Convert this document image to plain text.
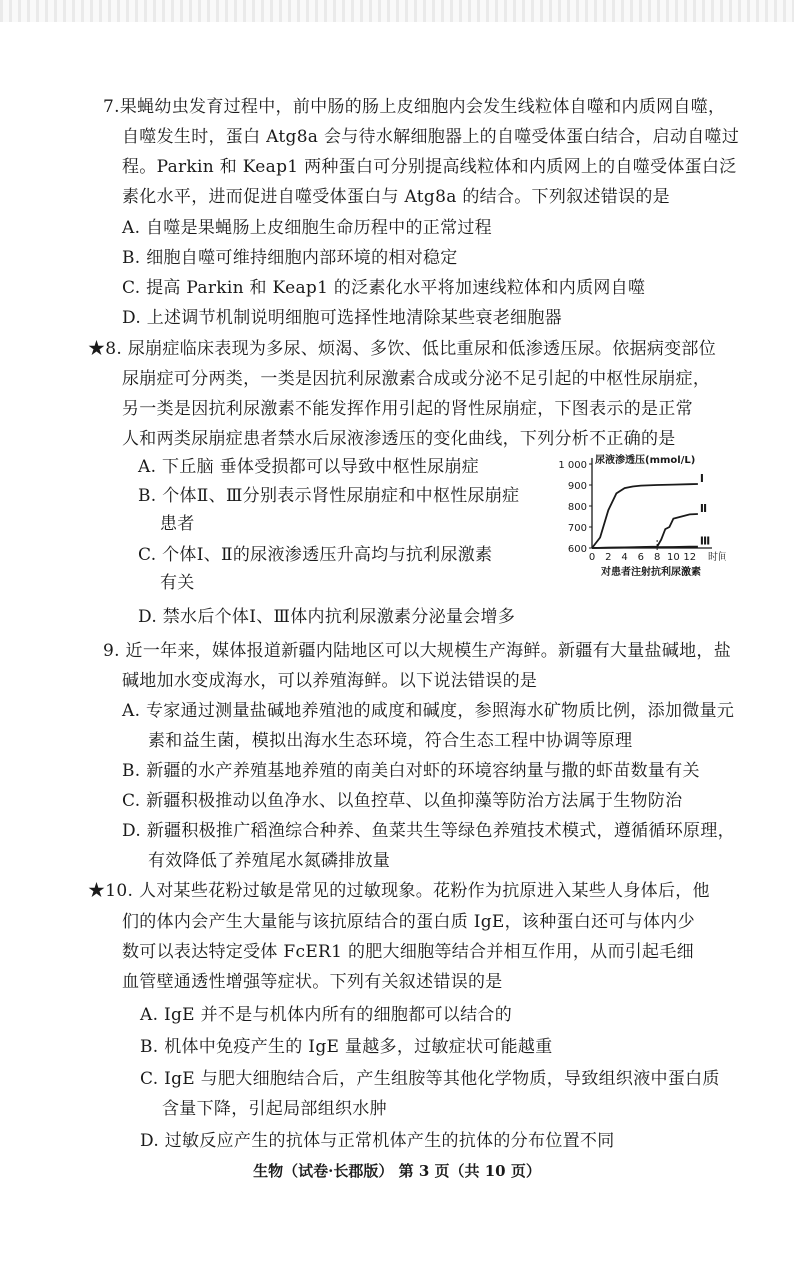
7.果蝇幼虫发育过程中，前中肠的肠上皮细胞内会发生线粒体自噬和内质网自噬，
自噬发生时，蛋白 Atg8a 会与待水解细胞器上的自噬受体蛋白结合，启动自噬过
程。Parkin 和 Keap1 两种蛋白可分别提高线粒体和内质网上的自噬受体蛋白泛
素化水平，进而促进自噬受体蛋白与 Atg8a 的结合。下列叙述错误的是
A. 自噬是果蝇肠上皮细胞生命历程中的正常过程
B. 细胞自噬可维持细胞内部环境的相对稳定
C. 提高 Parkin 和 Keap1 的泛素化水平将加速线粒体和内质网自噬
D. 上述调节机制说明细胞可选择性地清除某些衰老细胞器
★8. 尿崩症临床表现为多尿、烦渴、多饮、低比重尿和低渗透压尿。依据病变部位
尿崩症可分两类，一类是因抗利尿激素合成或分泌不足引起的中枢性尿崩症，
另一类是因抗利尿激素不能发挥作用引起的肾性尿崩症，下图表示的是正常
人和两类尿崩症患者禁水后尿液渗透压的变化曲线，下列分析不正确的是
A. 下丘脑 垂体受损都可以导致中枢性尿崩症
B. 个体Ⅱ、Ⅲ分别表示肾性尿崩症和中枢性尿崩症
患者
C. 个体Ⅰ、Ⅱ的尿液渗透压升高均与抗利尿激素
有关
D. 禁水后个体Ⅰ、Ⅲ体内抗利尿激素分泌量会增多
1 000
900
800
700
600
0 2 4 6 8 10 12
尿液渗透压(mmol/L)
时间
对患者注射抗利尿激素
Ⅰ
Ⅱ
Ⅲ
9. 近一年来，媒体报道新疆内陆地区可以大规模生产海鲜。新疆有大量盐碱地，盐
碱地加水变成海水，可以养殖海鲜。以下说法错误的是
A. 专家通过测量盐碱地养殖池的咸度和碱度，参照海水矿物质比例，添加微量元
素和益生菌，模拟出海水生态环境，符合生态工程中协调等原理
B. 新疆的水产养殖基地养殖的南美白对虾的环境容纳量与撒的虾苗数量有关
C. 新疆积极推动以鱼净水、以鱼控草、以鱼抑藻等防治方法属于生物防治
D. 新疆积极推广稻渔综合种养、鱼菜共生等绿色养殖技术模式，遵循循环原理，
有效降低了养殖尾水氮磷排放量
★10. 人对某些花粉过敏是常见的过敏现象。花粉作为抗原进入某些人身体后，他
们的体内会产生大量能与该抗原结合的蛋白质 IgE，该种蛋白还可与体内少
数可以表达特定受体 FcER1 的肥大细胞等结合并相互作用，从而引起毛细
血管壁通透性增强等症状。下列有关叙述错误的是
A. IgE 并不是与机体内所有的细胞都可以结合的
B. 机体中免疫产生的 IgE 量越多，过敏症状可能越重
C. IgE 与肥大细胞结合后，产生组胺等其他化学物质，导致组织液中蛋白质
含量下降，引起局部组织水肿
D. 过敏反应产生的抗体与正常机体产生的抗体的分布位置不同
生物（试卷·长郡版） 第 3 页（共 10 页）
